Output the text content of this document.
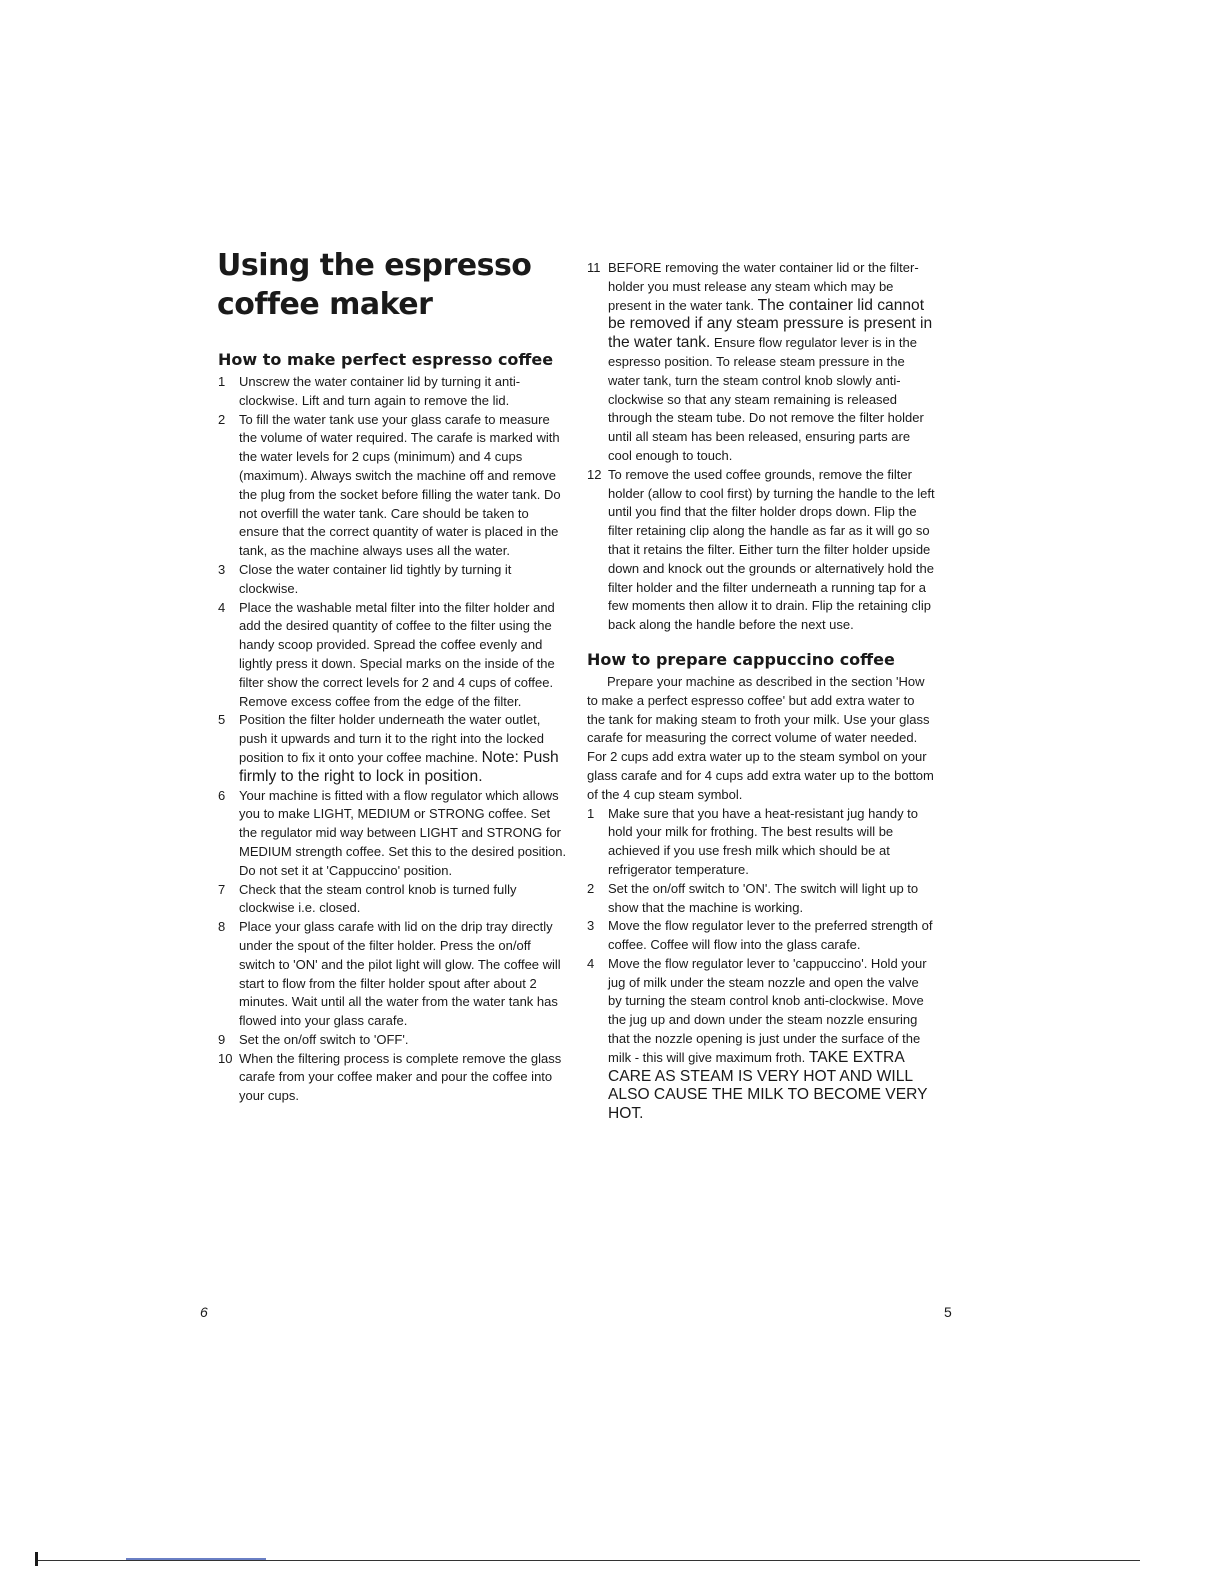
Using the espresso
coffee maker
How to make perfect espresso coffee
1 Unscrew the water container lid by turning it anti-clockwise. Lift and turn again to remove the lid.
2 To fill the water tank use your glass carafe to measure the volume of water required. The carafe is marked with the water levels for 2 cups (minimum) and 4 cups (maximum). Always switch the machine off and remove the plug from the socket before filling the water tank. Do not overfill the water tank. Care should be taken to ensure that the correct quantity of water is placed in the tank, as the machine always uses all the water.
3 Close the water container lid tightly by turning it clockwise.
4 Place the washable metal filter into the filter holder and add the desired quantity of coffee to the filter using the handy scoop provided. Spread the coffee evenly and lightly press it down. Special marks on the inside of the filter show the correct levels for 2 and 4 cups of coffee. Remove excess coffee from the edge of the filter.
5 Position the filter holder underneath the water outlet, push it upwards and turn it to the right into the locked position to fix it onto your coffee machine. Note: Push firmly to the right to lock in position.
6 Your machine is fitted with a flow regulator which allows you to make LIGHT, MEDIUM or STRONG coffee. Set the regulator mid way between LIGHT and STRONG for MEDIUM strength coffee. Set this to the desired position. Do not set it at 'Cappuccino' position.
7 Check that the steam control knob is turned fully clockwise i.e. closed.
8 Place your glass carafe with lid on the drip tray directly under the spout of the filter holder. Press the on/off switch to 'ON' and the pilot light will glow. The coffee will start to flow from the filter holder spout after about 2 minutes. Wait until all the water from the water tank has flowed into your glass carafe.
9 Set the on/off switch to 'OFF'.
10 When the filtering process is complete remove the glass carafe from your coffee maker and pour the coffee into your cups.
11 BEFORE removing the water container lid or the filter-holder you must release any steam which may be present in the water tank. The container lid cannot be removed if any steam pressure is present in the water tank. Ensure flow regulator lever is in the espresso position. To release steam pressure in the water tank, turn the steam control knob slowly anti-clockwise so that any steam remaining is released through the steam tube. Do not remove the filter holder until all steam has been released, ensuring parts are cool enough to touch.
12 To remove the used coffee grounds, remove the filter holder (allow to cool first) by turning the handle to the left until you find that the filter holder drops down. Flip the filter retaining clip along the handle as far as it will go so that it retains the filter. Either turn the filter holder upside down and knock out the grounds or alternatively hold the filter holder and the filter underneath a running tap for a few moments then allow it to drain. Flip the retaining clip back along the handle before the next use.
How to prepare cappuccino coffee

Prepare your machine as described in the section 'How to make a perfect espresso coffee' but add extra water to the tank for making steam to froth your milk. Use your glass carafe for measuring the correct volume of water needed. For 2 cups add extra water up to the steam symbol on your glass carafe and for 4 cups add extra water up to the bottom of the 4 cup steam symbol.

1 Make sure that you have a heat-resistant jug handy to hold your milk for frothing. The best results will be achieved if you use fresh milk which should be at refrigerator temperature.
2 Set the on/off switch to 'ON'. The switch will light up to show that the machine is working.
3 Move the flow regulator lever to the preferred strength of coffee. Coffee will flow into the glass carafe.
4 Move the flow regulator lever to 'cappuccino'. Hold your jug of milk under the steam nozzle and open the valve by turning the steam control knob anti-clockwise. Move the jug up and down under the steam nozzle ensuring that the nozzle opening is just under the surface of the milk - this will give maximum froth. TAKE EXTRA CARE AS STEAM IS VERY HOT AND WILL ALSO CAUSE THE MILK TO BECOME VERY HOT.
6	5
